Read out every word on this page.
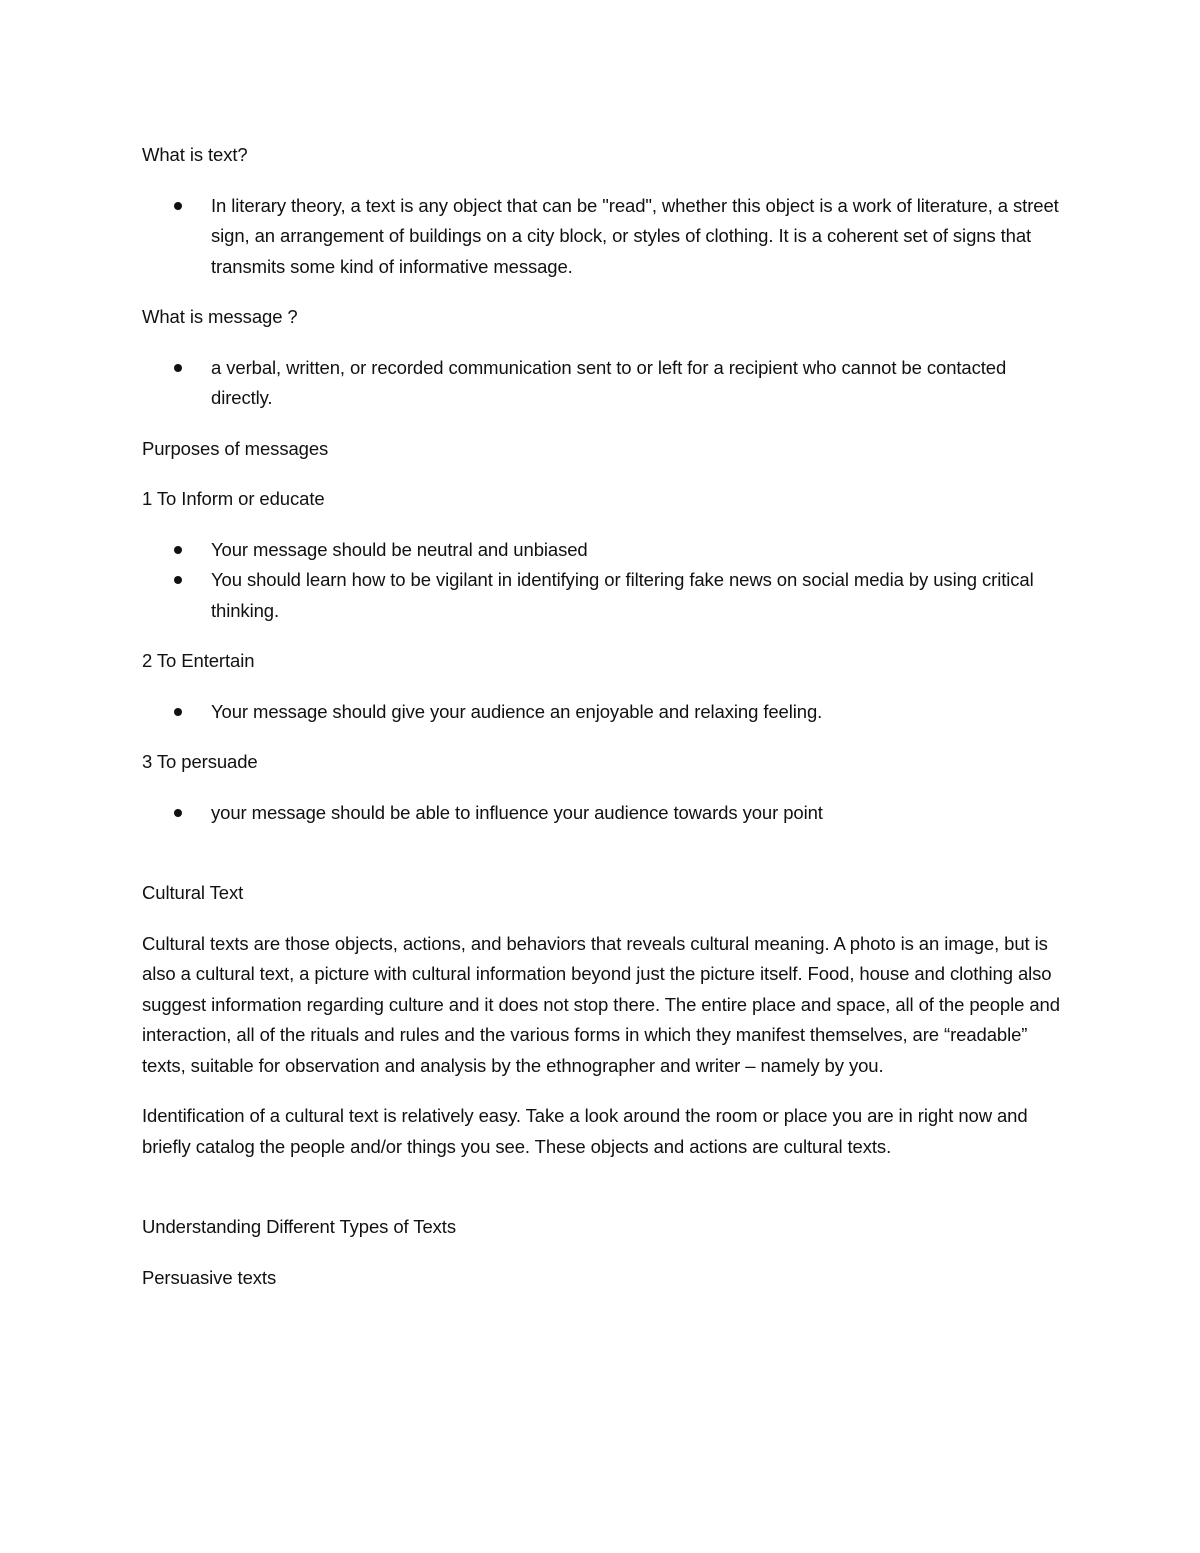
What is text?

In literary theory, a text is any object that can be "read", whether this object is a work of literature, a street sign, an arrangement of buildings on a city block, or styles of clothing. It is a coherent set of signs that transmits some kind of informative message.

What is message ?

a verbal, written, or recorded communication sent to or left for a recipient who cannot be contacted directly.

Purposes of messages

1 To Inform or educate

Your message should be neutral and unbiased
You should learn how to be vigilant in identifying or filtering fake news on social media by using critical thinking.

2 To Entertain

Your message should give your audience an enjoyable and relaxing feeling.

3 To persuade

your message should be able to influence your audience towards your point

Cultural Text

Cultural texts are those objects, actions, and behaviors that reveals cultural meaning. A photo is an image, but is also a cultural text, a picture with cultural information beyond just the picture itself. Food, house and clothing also suggest information regarding culture and it does not stop there. The entire place and space, all of the people and interaction, all of the rituals and rules and the various forms in which they manifest themselves, are “readable” texts, suitable for observation and analysis by the ethnographer and writer – namely by you.

Identification of a cultural text is relatively easy. Take a look around the room or place you are in right now and briefly catalog the people and/or things you see. These objects and actions are cultural texts.

Understanding Different Types of Texts

Persuasive texts
